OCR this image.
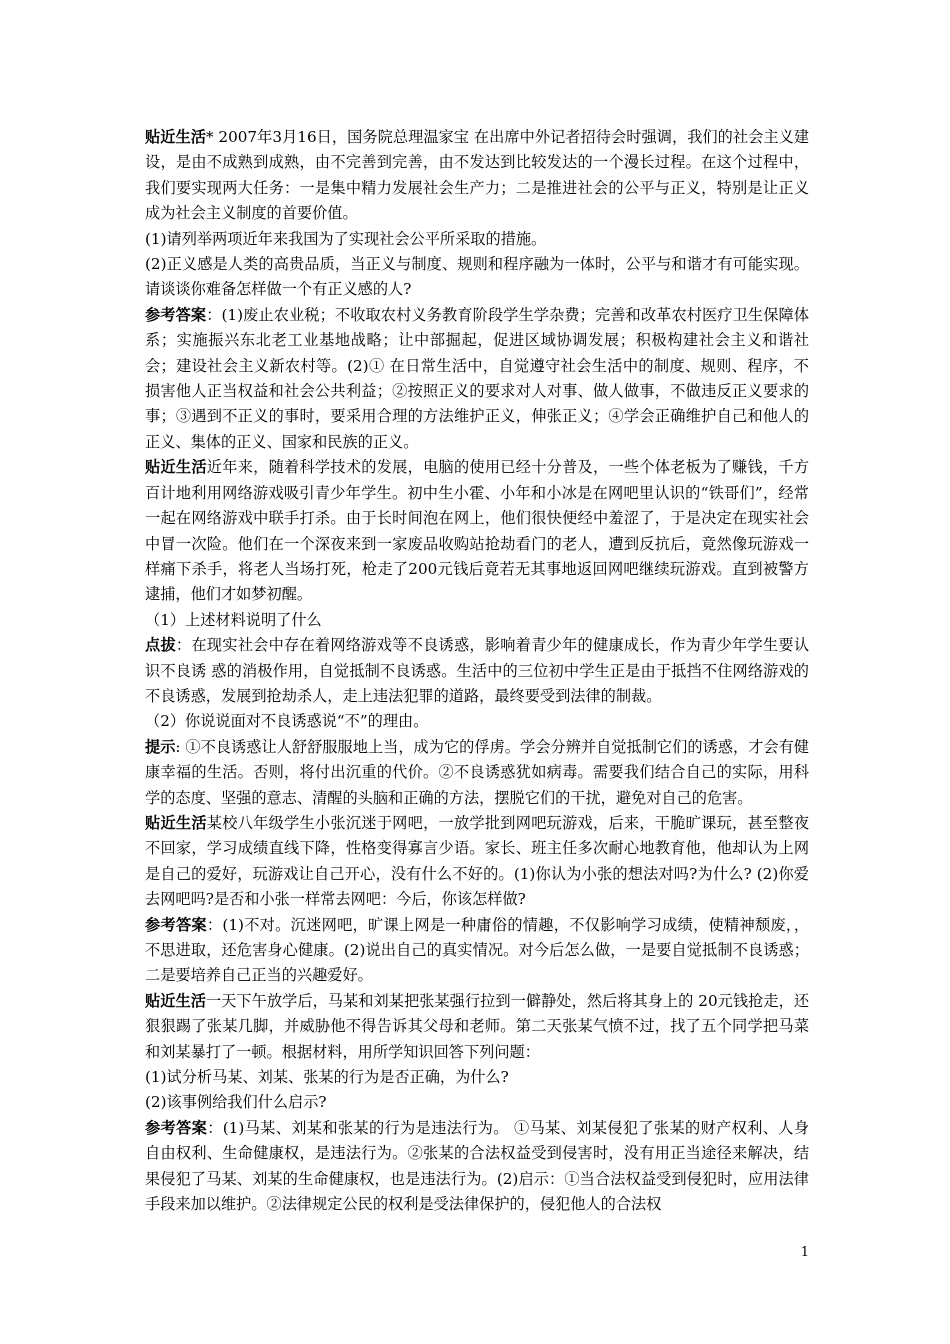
贴近生活* 2007年3月16日，国务院总理温家宝 在出席中外记者招待会时强调，我们的社会主义建设，是由不成熟到成熟，由不完善到完善，由不发达到比较发达的一个漫长过程。在这个过程中，我们要实现两大任务：一是集中精力发展社会生产力；二是推进社会的公平与正义，特别是让正义成为社会主义制度的首要价值。

(1)请列举两项近年来我国为了实现社会公平所采取的措施。

(2)正义感是人类的高贵品质，当正义与制度、规则和程序融为一体时，公平与和谐才有可能实现。请谈谈你难备怎样做一个有正义感的人?

参考答案：(1)废止农业税；不收取农村义务教育阶段学生学杂费；完善和改革农村医疗卫生保障体系；实施振兴东北老工业基地战略；让中部掘起，促进区域协调发展；积极构建社会主义和谐社会；建设社会主义新农村等。(2)① 在日常生活中，自觉遵守社会生活中的制度、规则、程序，不损害他人正当权益和社会公共利益；②按照正义的要求对人对事、做人做事，不做违反正义要求的事；③遇到不正义的事时，要采用合理的方法维护正义，伸张正义；④学会正确维护自己和他人的正义、集体的正义、国家和民族的正义。

贴近生活近年来，随着科学技术的发展，电脑的使用已经十分普及，一些个体老板为了赚钱，千方百计地利用网络游戏吸引青少年学生。初中生小霍、小年和小冰是在网吧里认识的“铁哥们”，经常一起在网络游戏中联手打杀。由于长时间泡在网上，他们很快便经中羞涩了，于是决定在现实社会中冒一次险。他们在一个深夜来到一家废品收购站抢劫看门的老人，遭到反抗后，竟然像玩游戏一样痛下杀手，将老人当场打死，枪走了200元钱后竟若无其事地返回网吧继续玩游戏。直到被警方逮捕，他们才如梦初醒。

（1）上述材料说明了什么

点拔：在现实社会中存在着网络游戏等不良诱惑，影响着青少年的健康成长，作为青少年学生要认识不良诱 惑的消极作用，自觉抵制不良诱惑。生活中的三位初中学生正是由于抵挡不住网络游戏的不良诱惑，发展到抢劫杀人，走上违法犯罪的道路，最终要受到法律的制裁。

（2）你说说面对不良诱惑说“不”的理由。

提示: ①不良诱惑让人舒舒服服地上当，成为它的俘虏。学会分辨并自觉抵制它们的诱惑，才会有健康幸福的生活。否则，将付出沉重的代价。②不良诱惑犹如病毒。需要我们结合自己的实际，用科学的态度、坚强的意志、清醒的头脑和正确的方法，摆脱它们的干扰，避免对自己的危害。

贴近生活某校八年级学生小张沉迷于网吧，一放学批到网吧玩游戏，后来，干脆旷课玩，甚至整夜不回家，学习成绩直线下降，性格变得寡言少语。家长、班主任多次耐心地教育他，他却认为上网是自己的爱好，玩游戏让自己开心，没有什么不好的。(1)你认为小张的想法对吗?为什么? (2)你爱去网吧吗?是否和小张一样常去网吧：今后，你该怎样做?

参考答案：(1)不对。沉迷网吧，旷课上网是一种庸俗的情趣，不仅影响学习成绩，使精神颓废，，不思进取，还危害身心健康。(2)说出自己的真实情况。对今后怎么做，一是要自觉抵制不良诱惑；二是要培养自己正当的兴趣爱好。

贴近生活一天下午放学后，马某和刘某把张某强行拉到一僻静处，然后将其身上的 20元钱抢走，还狠狠踢了张某几脚，并威胁他不得告诉其父母和老师。第二天张某气愤不过，找了五个同学把马菜和刘某暴打了一顿。根据材料，用所学知识回答下列问题：

(1)试分析马某、刘某、张某的行为是否正确，为什么?

(2)该事例给我们什么启示?

参考答案：(1)马某、刘某和张某的行为是违法行为。 ①马某、刘某侵犯了张某的财产权利、人身自由权利、生命健康权，是违法行为。②张某的合法权益受到侵害时，没有用正当途径来解决，结果侵犯了马某、刘某的生命健康权，也是违法行为。(2)启示：①当合法权益受到侵犯时，应用法律手段来加以维护。②法律规定公民的权利是受法律保护的，侵犯他人的合法权

1
